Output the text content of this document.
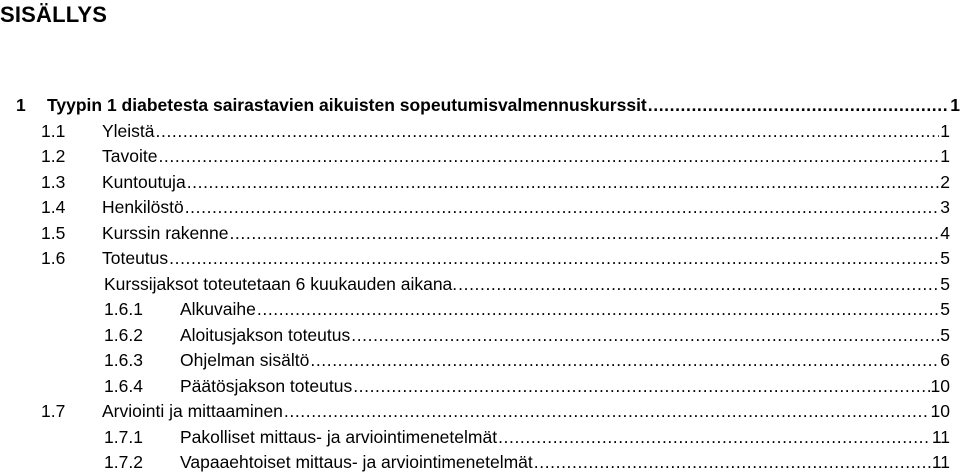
SISÄLLYS
1	Tyypin 1 diabetesta sairastavien aikuisten sopeutumisvalmennuskurssit .....	1
1.1	Yleistä .....	1
1.2	Tavoite .....	1
1.3	Kuntoutuja .....	2
1.4	Henkilöstö .....	3
1.5	Kurssin rakenne .....	4
1.6	Toteutus .....	5
Kurssijaksot toteutetaan 6 kuukauden aikana. .....	5
1.6.1	Alkuvaihe .....	5
1.6.2	Aloitusjakson toteutus .....	5
1.6.3	Ohjelman sisältö .....	6
1.6.4	Päätösjakson toteutus .....	10
1.7	Arviointi ja mittaaminen .....	10
1.7.1	Pakolliset mittaus- ja arviointimenetelmät .....	11
1.7.2	Vapaaehtoiset mittaus- ja arviointimenetelmät .....	11
